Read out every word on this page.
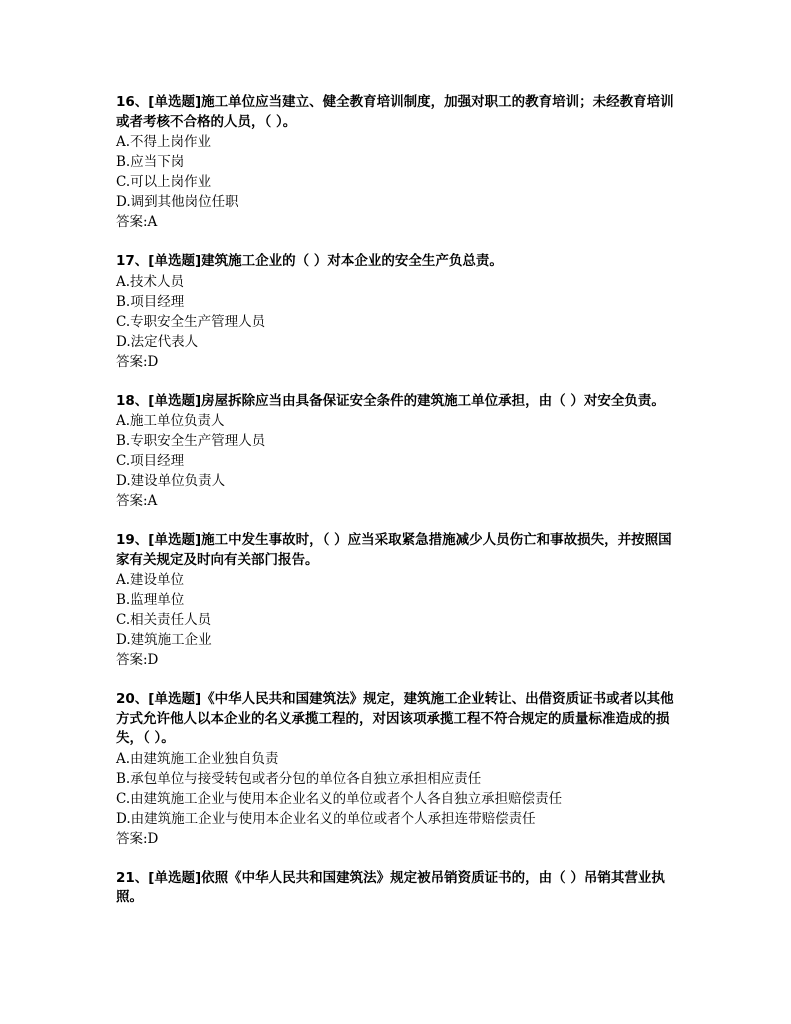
16、[单选题]施工单位应当建立、健全教育培训制度，加强对职工的教育培训；未经教育培训或者考核不合格的人员，（ ）。

A.不得上岗作业

B.应当下岗

C.可以上岗作业

D.调到其他岗位任职

答案:A

17、[单选题]建筑施工企业的（ ）对本企业的安全生产负总责。

A.技术人员

B.项目经理

C.专职安全生产管理人员

D.法定代表人

答案:D

18、[单选题]房屋拆除应当由具备保证安全条件的建筑施工单位承担，由（ ）对安全负责。

A.施工单位负责人

B.专职安全生产管理人员

C.项目经理

D.建设单位负责人

答案:A

19、[单选题]施工中发生事故时，（ ）应当采取紧急措施减少人员伤亡和事故损失，并按照国家有关规定及时向有关部门报告。

A.建设单位

B.监理单位

C.相关责任人员

D.建筑施工企业

答案:D

20、[单选题]《中华人民共和国建筑法》规定，建筑施工企业转让、出借资质证书或者以其他方式允许他人以本企业的名义承揽工程的，对因该项承揽工程不符合规定的质量标准造成的损失，（ ）。

A.由建筑施工企业独自负责

B.承包单位与接受转包或者分包的单位各自独立承担相应责任

C.由建筑施工企业与使用本企业名义的单位或者个人各自独立承担赔偿责任

D.由建筑施工企业与使用本企业名义的单位或者个人承担连带赔偿责任

答案:D

21、[单选题]依照《中华人民共和国建筑法》规定被吊销资质证书的，由（ ）吊销其营业执照。
